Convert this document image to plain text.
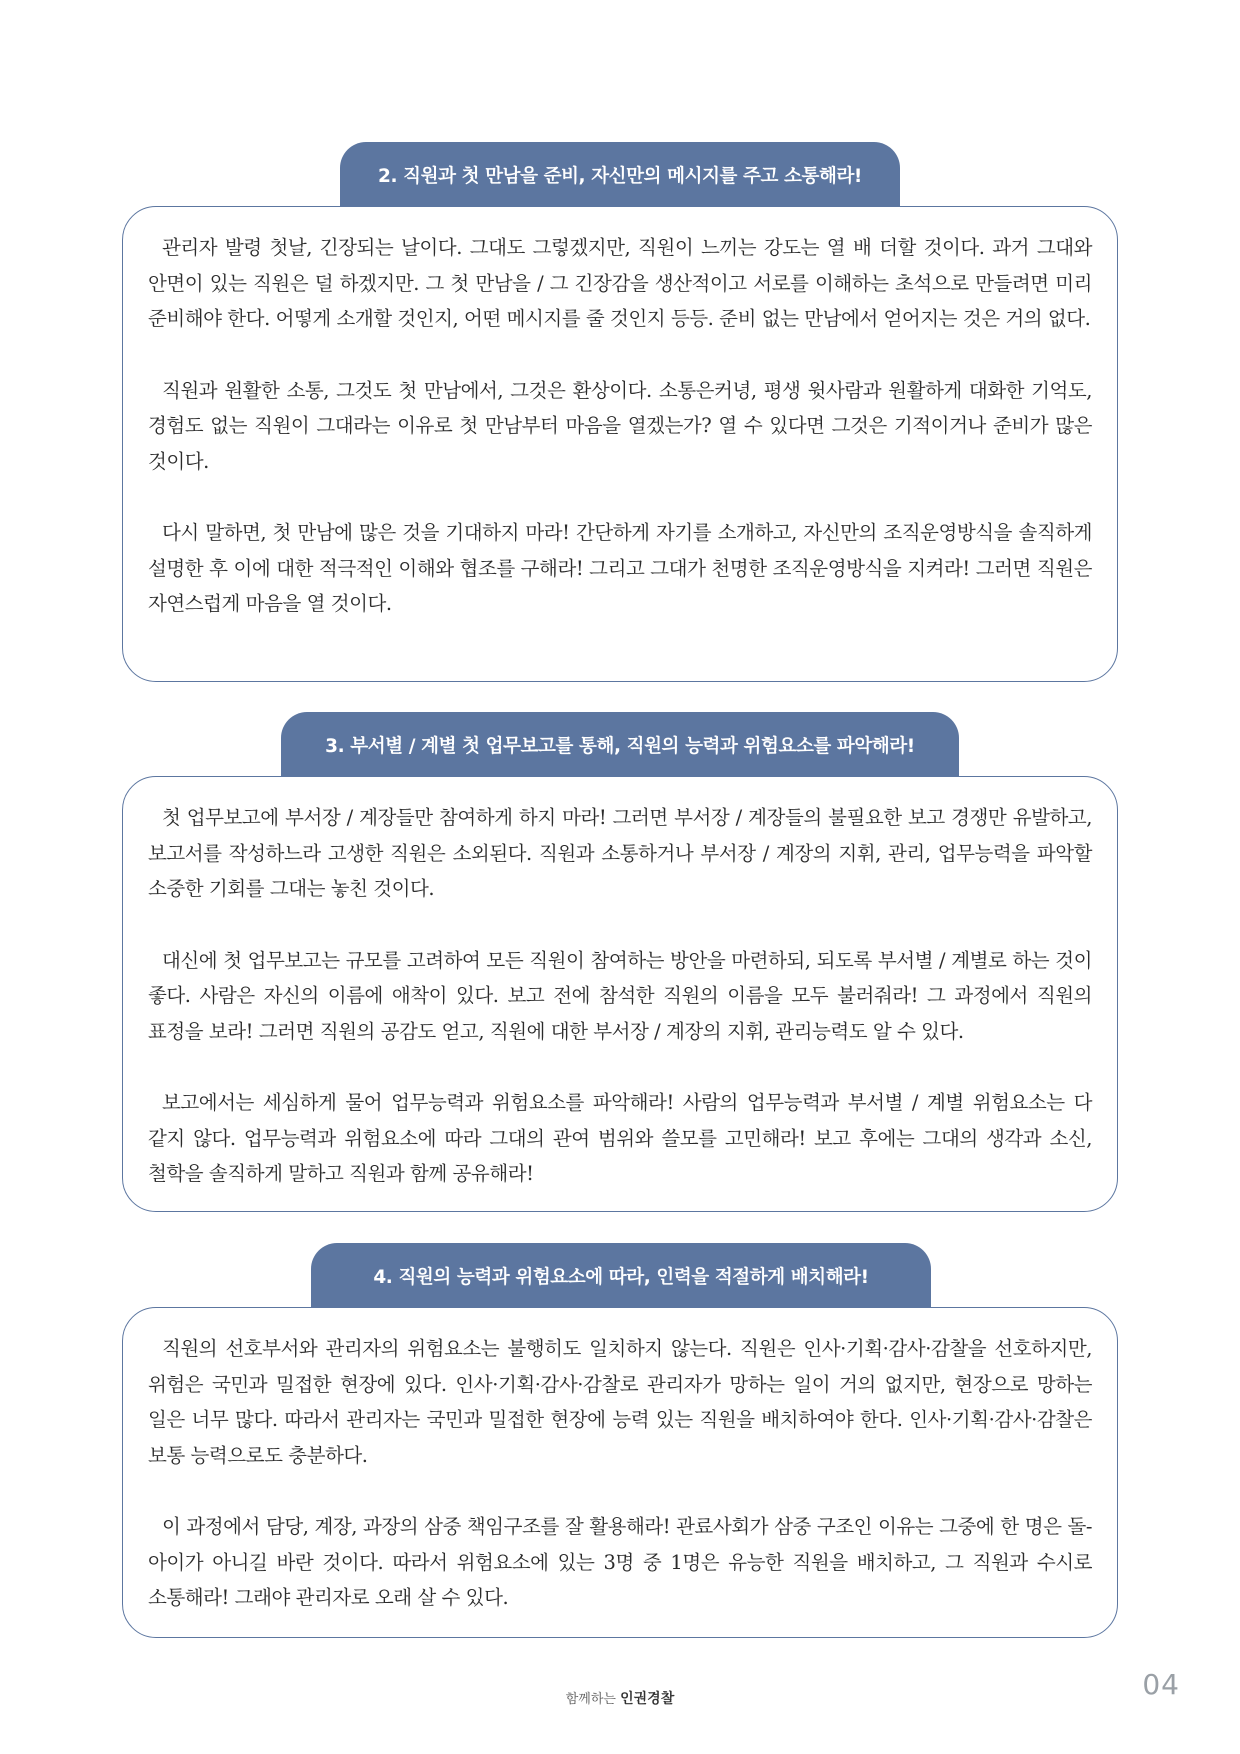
2. 직원과 첫 만남을 준비, 자신만의 메시지를 주고 소통해라!

관리자 발령 첫날, 긴장되는 날이다. 그대도 그렇겠지만, 직원이 느끼는 강도는 열 배 더할 것이다. 과거 그대와 안면이 있는 직원은 덜 하겠지만. 그 첫 만남을 / 그 긴장감을 생산적이고 서로를 이해하는 초석으로 만들려면 미리 준비해야 한다. 어떻게 소개할 것인지, 어떤 메시지를 줄 것인지 등등. 준비 없는 만남에서 얻어지는 것은 거의 없다.

직원과 원활한 소통, 그것도 첫 만남에서, 그것은 환상이다. 소통은커녕, 평생 윗사람과 원활하게 대화한 기억도, 경험도 없는 직원이 그대라는 이유로 첫 만남부터 마음을 열겠는가? 열 수 있다면 그것은 기적이거나 준비가 많은 것이다.

다시 말하면, 첫 만남에 많은 것을 기대하지 마라! 간단하게 자기를 소개하고, 자신만의 조직운영방식을 솔직하게 설명한 후 이에 대한 적극적인 이해와 협조를 구해라! 그리고 그대가 천명한 조직운영방식을 지켜라! 그러면 직원은 자연스럽게 마음을 열 것이다.

3. 부서별 / 계별 첫 업무보고를 통해, 직원의 능력과 위험요소를 파악해라!

첫 업무보고에 부서장 / 계장들만 참여하게 하지 마라! 그러면 부서장 / 계장들의 불필요한 보고 경쟁만 유발하고, 보고서를 작성하느라 고생한 직원은 소외된다. 직원과 소통하거나 부서장 / 계장의 지휘, 관리, 업무능력을 파악할 소중한 기회를 그대는 놓친 것이다.

대신에 첫 업무보고는 규모를 고려하여 모든 직원이 참여하는 방안을 마련하되, 되도록 부서별 / 계별로 하는 것이 좋다. 사람은 자신의 이름에 애착이 있다. 보고 전에 참석한 직원의 이름을 모두 불러줘라! 그 과정에서 직원의 표정을 보라! 그러면 직원의 공감도 얻고, 직원에 대한 부서장 / 계장의 지휘, 관리능력도 알 수 있다.

보고에서는 세심하게 물어 업무능력과 위험요소를 파악해라! 사람의 업무능력과 부서별 / 계별 위험요소는 다 같지 않다. 업무능력과 위험요소에 따라 그대의 관여 범위와 쓸모를 고민해라! 보고 후에는 그대의 생각과 소신, 철학을 솔직하게 말하고 직원과 함께 공유해라!

4. 직원의 능력과 위험요소에 따라, 인력을 적절하게 배치해라!

직원의 선호부서와 관리자의 위험요소는 불행히도 일치하지 않는다. 직원은 인사·기획·감사·감찰을 선호하지만, 위험은 국민과 밀접한 현장에 있다. 인사·기획·감사·감찰로 관리자가 망하는 일이 거의 없지만, 현장으로 망하는 일은 너무 많다. 따라서 관리자는 국민과 밀접한 현장에 능력 있는 직원을 배치하여야 한다. 인사·기획·감사·감찰은 보통 능력으로도 충분하다.

이 과정에서 담당, 계장, 과장의 삼중 책임구조를 잘 활용해라! 관료사회가 삼중 구조인 이유는 그중에 한 명은 돌-아이가 아니길 바란 것이다. 따라서 위험요소에 있는 3명 중 1명은 유능한 직원을 배치하고, 그 직원과 수시로 소통해라! 그래야 관리자로 오래 살 수 있다.

04
함께하는 인권경찰
